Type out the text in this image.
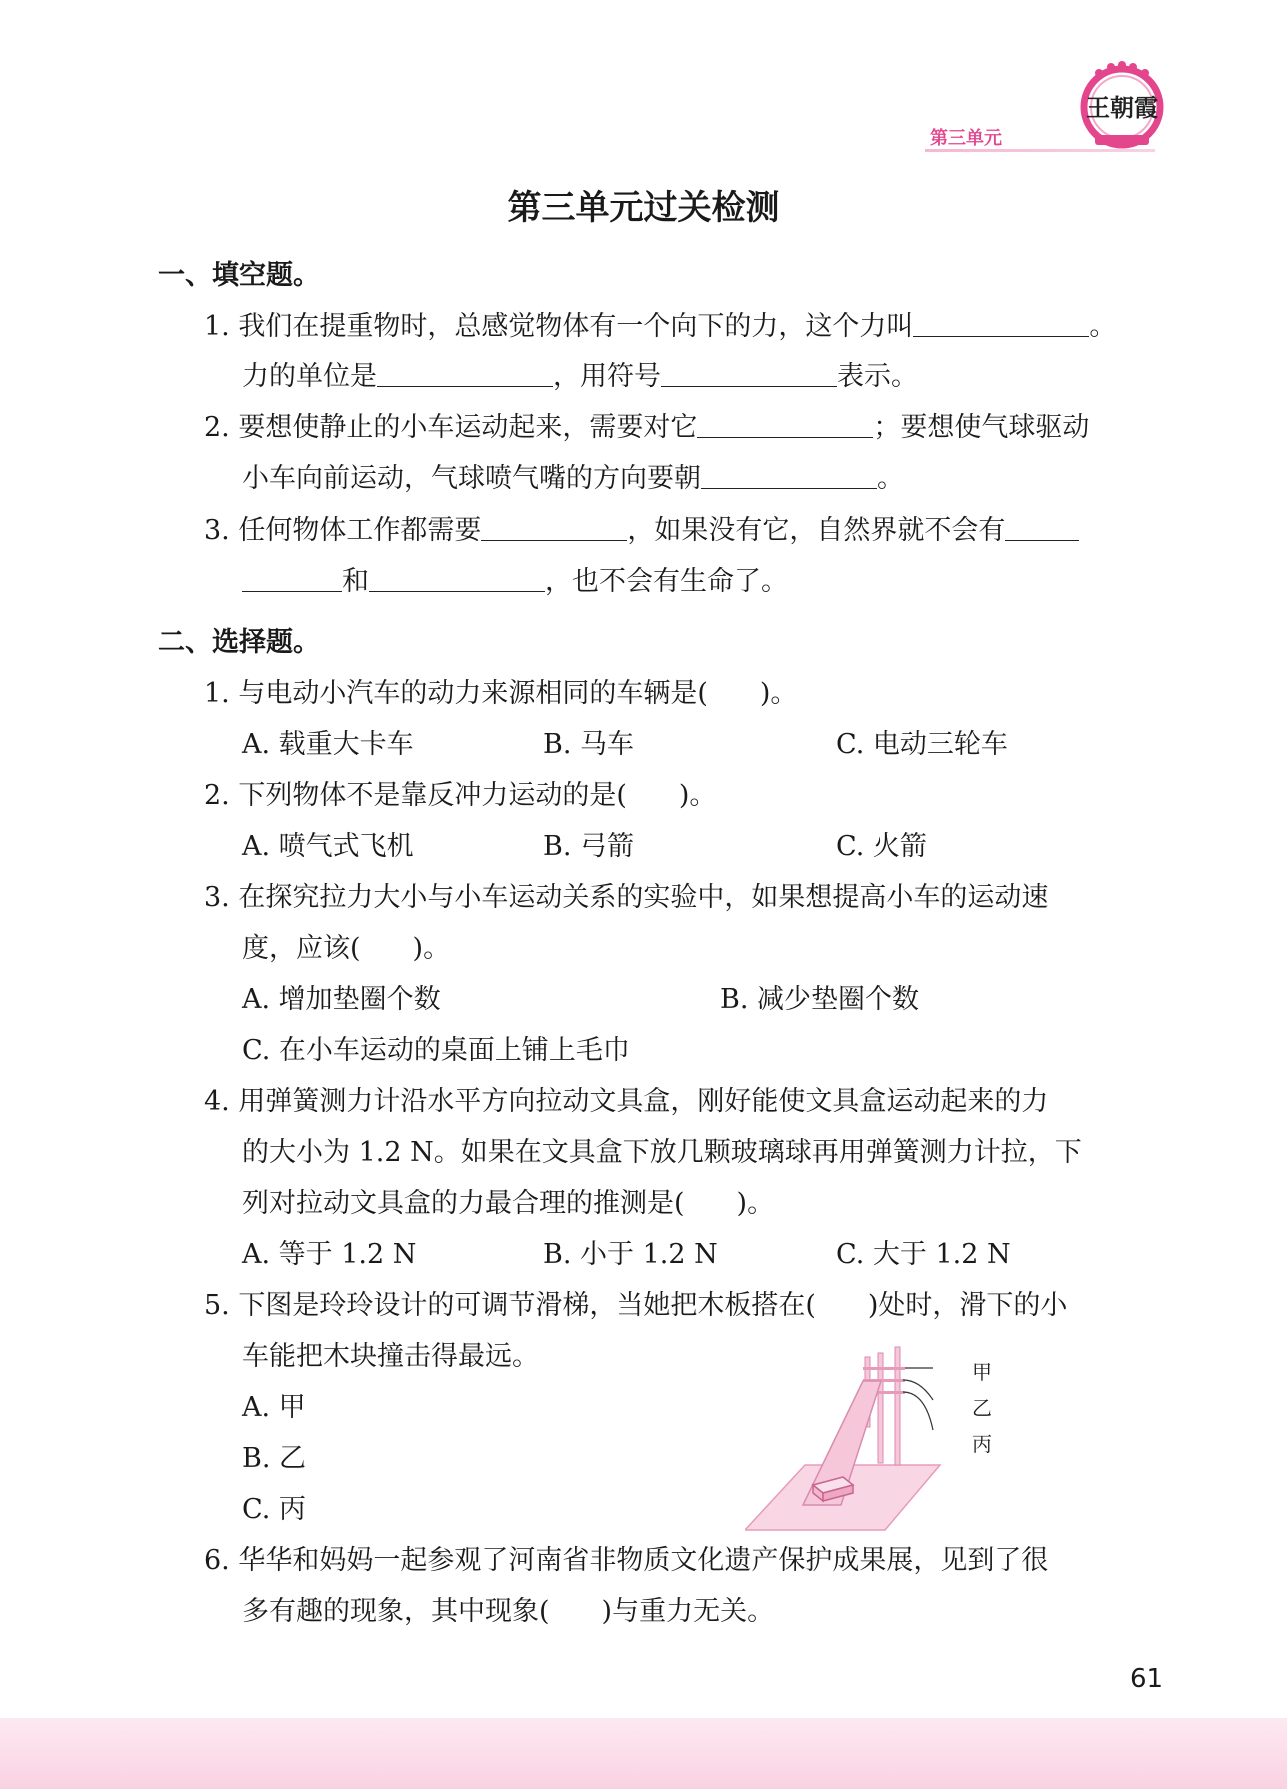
王朝霞
第三单元
第三单元过关检测
一、填空题。
1. 我们在提重物时，总感觉物体有一个向下的力，这个力叫	。
力的单位是	，用符号	表示。
2. 要想使静止的小车运动起来，需要对它	；要想使气球驱动
小车向前运动，气球喷气嘴的方向要朝	。
3. 任何物体工作都需要	，如果没有它，自然界就不会有
和	，也不会有生命了。
二、选择题。
1. 与电动小汽车的动力来源相同的车辆是( )。
A. 载重大卡车	B. 马车	C. 电动三轮车
2. 下列物体不是靠反冲力运动的是( )。
A. 喷气式飞机	B. 弓箭	C. 火箭
3. 在探究拉力大小与小车运动关系的实验中，如果想提高小车的运动速
度，应该( )。
A. 增加垫圈个数	B. 减少垫圈个数
C. 在小车运动的桌面上铺上毛巾
4. 用弹簧测力计沿水平方向拉动文具盒，刚好能使文具盒运动起来的力
的大小为 1.2 N。如果在文具盒下放几颗玻璃球再用弹簧测力计拉，下
列对拉动文具盒的力最合理的推测是( )。
A. 等于 1.2 N	B. 小于 1.2 N	C. 大于 1.2 N
5. 下图是玲玲设计的可调节滑梯，当她把木板搭在( )处时，滑下的小
车能把木块撞击得最远。
A. 甲
B. 乙
C. 丙
甲
乙
丙
6. 华华和妈妈一起参观了河南省非物质文化遗产保护成果展，见到了很
多有趣的现象，其中现象( )与重力无关。
61
